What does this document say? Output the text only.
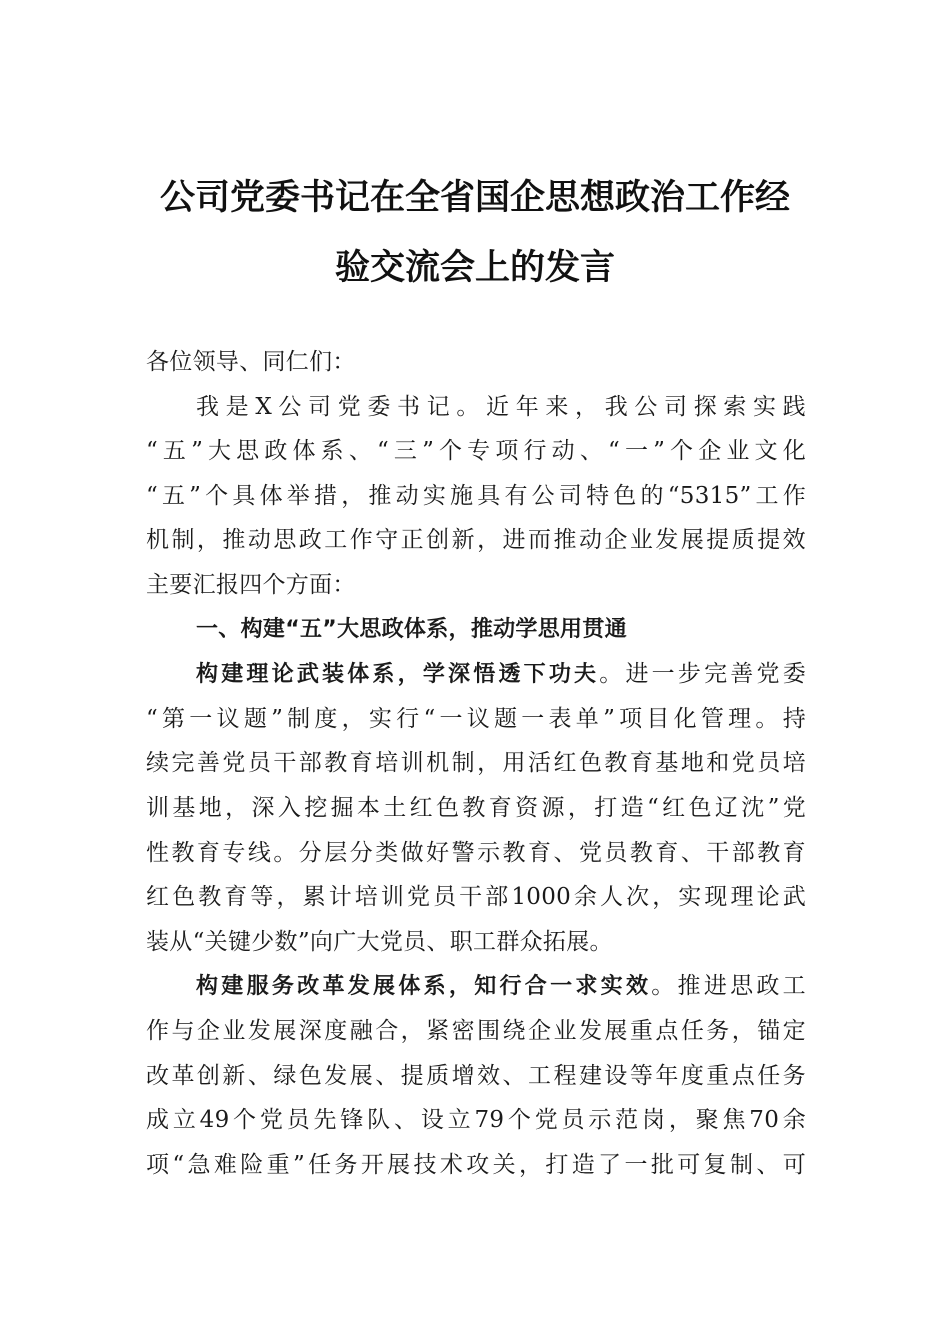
公司党委书记在全省国企思想政治工作经
验交流会上的发言
各位领导、同仁们：
我是X公司党委书记。近年来，我公司探索实践
“五”大思政体系、“三”个专项行动、“一”个企业文化
“五”个具体举措，推动实施具有公司特色的“5315”工作
机制，推动思政工作守正创新，进而推动企业发展提质提效
主要汇报四个方面：
一、构建“五”大思政体系，推动学思用贯通
构建理论武装体系，学深悟透下功夫。进一步完善党委
“第一议题”制度，实行“一议题一表单”项目化管理。持
续完善党员干部教育培训机制，用活红色教育基地和党员培
训基地，深入挖掘本土红色教育资源，打造“红色辽沈”党
性教育专线。分层分类做好警示教育、党员教育、干部教育
红色教育等，累计培训党员干部1000余人次，实现理论武
装从“关键少数”向广大党员、职工群众拓展。
构建服务改革发展体系，知行合一求实效。推进思政工
作与企业发展深度融合，紧密围绕企业发展重点任务，锚定
改革创新、绿色发展、提质增效、工程建设等年度重点任务
成立49个党员先锋队、设立79个党员示范岗，聚焦70余
项“急难险重”任务开展技术攻关，打造了一批可复制、可
